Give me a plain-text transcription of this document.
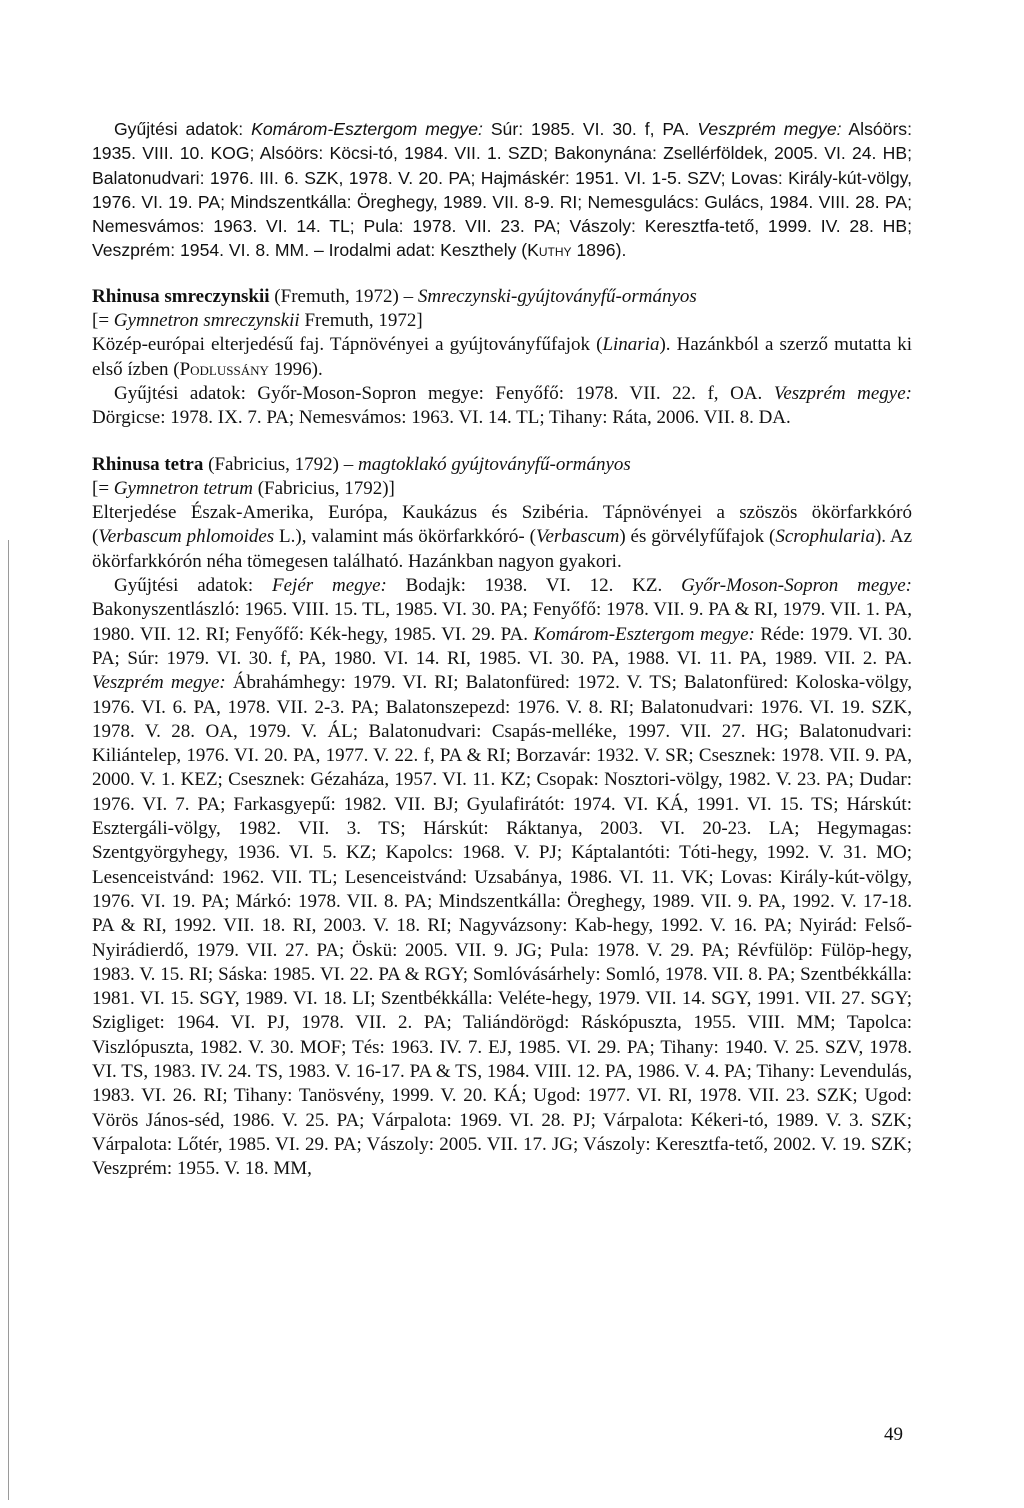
Gyűjtési adatok: Komárom-Esztergom megye: Súr: 1985. VI. 30. f, PA. Veszprém megye: Alsóörs: 1935. VIII. 10. KOG; Alsóörs: Köcsi-tó, 1984. VII. 1. SZD; Bakonynána: Zsellérföldek, 2005. VI. 24. HB; Balatonudvari: 1976. III. 6. SZK, 1978. V. 20. PA; Hajmáskér: 1951. VI. 1-5. SZV; Lovas: Király-kút-völgy, 1976. VI. 19. PA; Mindszentkálla: Öreghegy, 1989. VII. 8-9. RI; Nemesgulács: Gulács, 1984. VIII. 28. PA; Nemesvámos: 1963. VI. 14. TL; Pula: 1978. VII. 23. PA; Vászoly: Keresztfa-tető, 1999. IV. 28. HB; Veszprém: 1954. VI. 8. MM. – Irodalmi adat: Keszthely (Kuthy 1896).

Rhinusa smreczynskii (Fremuth, 1972) – Smreczynski-gyújtoványfű-ormányos

[= Gymnetron smreczynskii Fremuth, 1972]

Közép-európai elterjedésű faj. Tápnövényei a gyújtoványfűfajok (Linaria). Hazánkból a szerző mutatta ki első ízben (Podlussány 1996).

Gyűjtési adatok: Győr-Moson-Sopron megye: Fenyőfő: 1978. VII. 22. f, OA. Veszprém megye: Dörgicse: 1978. IX. 7. PA; Nemesvámos: 1963. VI. 14. TL; Tihany: Ráta, 2006. VII. 8. DA.

Rhinusa tetra (Fabricius, 1792) – magtoklakó gyújtoványfű-ormányos

[= Gymnetron tetrum (Fabricius, 1792)]

Elterjedése Észak-Amerika, Európa, Kaukázus és Szibéria. Tápnövényei a szöszös ökörfarkkóró (Verbascum phlomoides L.), valamint más ökörfarkkóró- (Verbascum) és görvélyfűfajok (Scrophularia). Az ökörfarkkórón néha tömegesen található. Hazánkban nagyon gyakori.

Gyűjtési adatok: Fejér megye: Bodajk: 1938. VI. 12. KZ. Győr-Moson-Sopron megye: Bakonyszentlászló: 1965. VIII. 15. TL, 1985. VI. 30. PA; Fenyőfő: 1978. VII. 9. PA & RI, 1979. VII. 1. PA, 1980. VII. 12. RI; Fenyőfő: Kék-hegy, 1985. VI. 29. PA. Komárom-Esztergom megye: Réde: 1979. VI. 30. PA; Súr: 1979. VI. 30. f, PA, 1980. VI. 14. RI, 1985. VI. 30. PA, 1988. VI. 11. PA, 1989. VII. 2. PA. Veszprém megye: Ábrahámhegy: 1979. VI. RI; Balatonfüred: 1972. V. TS; Balatonfüred: Koloska-völgy, 1976. VI. 6. PA, 1978. VII. 2-3. PA; Balatonszepezd: 1976. V. 8. RI; Balatonudvari: 1976. VI. 19. SZK, 1978. V. 28. OA, 1979. V. ÁL; Balatonudvari: Csapás-melléke, 1997. VII. 27. HG; Balatonudvari: Kiliántelep, 1976. VI. 20. PA, 1977. V. 22. f, PA & RI; Borzavár: 1932. V. SR; Csesznek: 1978. VII. 9. PA, 2000. V. 1. KEZ; Csesznek: Gézaháza, 1957. VI. 11. KZ; Csopak: Nosztori-völgy, 1982. V. 23. PA; Dudar: 1976. VI. 7. PA; Farkasgyepű: 1982. VII. BJ; Gyulafirátót: 1974. VI. KÁ, 1991. VI. 15. TS; Hárskút: Esztergáli-völgy, 1982. VII. 3. TS; Hárskút: Ráktanya, 2003. VI. 20-23. LA; Hegymagas: Szentgyörgyhegy, 1936. VI. 5. KZ; Kapolcs: 1968. V. PJ; Káptalantóti: Tóti-hegy, 1992. V. 31. MO; Lesenceistvánd: 1962. VII. TL; Lesenceistvánd: Uzsabánya, 1986. VI. 11. VK; Lovas: Király-kút-völgy, 1976. VI. 19. PA; Márkó: 1978. VII. 8. PA; Mindszentkálla: Öreghegy, 1989. VII. 9. PA, 1992. V. 17-18. PA & RI, 1992. VII. 18. RI, 2003. V. 18. RI; Nagyvázsony: Kab-hegy, 1992. V. 16. PA; Nyirád: Felső-Nyirádierdő, 1979. VII. 27. PA; Öskü: 2005. VII. 9. JG; Pula: 1978. V. 29. PA; Révfülöp: Fülöp-hegy, 1983. V. 15. RI; Sáska: 1985. VI. 22. PA & RGY; Somlóvásárhely: Somló, 1978. VII. 8. PA; Szentbékkálla: 1981. VI. 15. SGY, 1989. VI. 18. LI; Szentbékkálla: Veléte-hegy, 1979. VII. 14. SGY, 1991. VII. 27. SGY; Szigliget: 1964. VI. PJ, 1978. VII. 2. PA; Taliándörögd: Ráskópuszta, 1955. VIII. MM; Tapolca: Viszlópuszta, 1982. V. 30. MOF; Tés: 1963. IV. 7. EJ, 1985. VI. 29. PA; Tihany: 1940. V. 25. SZV, 1978. VI. TS, 1983. IV. 24. TS, 1983. V. 16-17. PA & TS, 1984. VIII. 12. PA, 1986. V. 4. PA; Tihany: Levendulás, 1983. VI. 26. RI; Tihany: Tanösvény, 1999. V. 20. KÁ; Ugod: 1977. VI. RI, 1978. VII. 23. SZK; Ugod: Vörös János-séd, 1986. V. 25. PA; Várpalota: 1969. VI. 28. PJ; Várpalota: Kékeri-tó, 1989. V. 3. SZK; Várpalota: Lőtér, 1985. VI. 29. PA; Vászoly: 2005. VII. 17. JG; Vászoly: Keresztfa-tető, 2002. V. 19. SZK; Veszprém: 1955. V. 18. MM,

49
